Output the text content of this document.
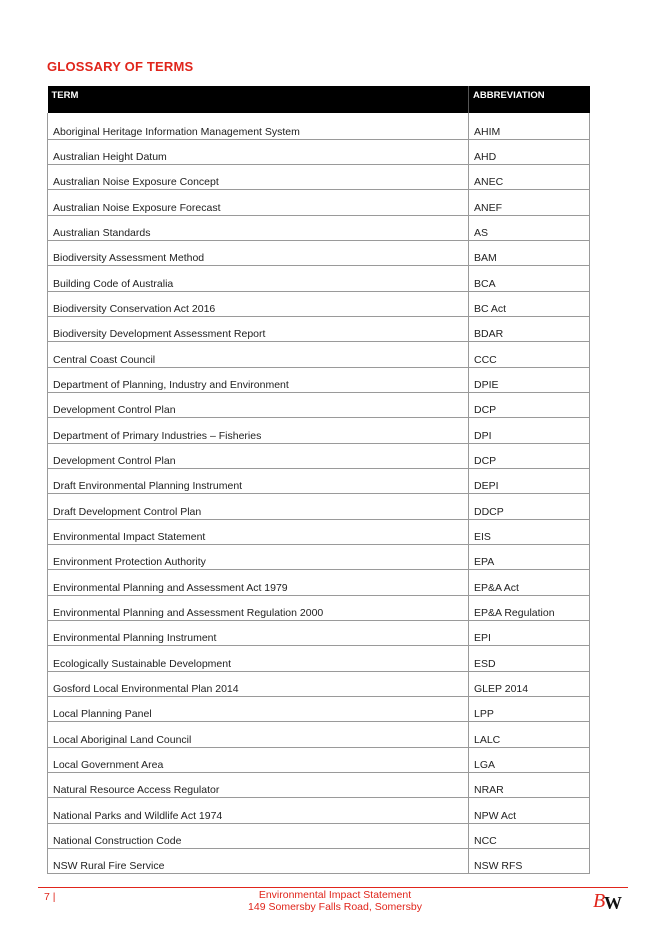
GLOSSARY OF TERMS
TERM	ABBREVIATION
Aboriginal Heritage Information Management System	AHIM
Australian Height Datum	AHD
Australian Noise Exposure Concept	ANEC
Australian Noise Exposure Forecast	ANEF
Australian Standards	AS
Biodiversity Assessment Method	BAM
Building Code of Australia	BCA
Biodiversity Conservation Act 2016	BC Act
Biodiversity Development Assessment Report	BDAR
Central Coast Council	CCC
Department of Planning, Industry and Environment	DPIE
Development Control Plan	DCP
Department of Primary Industries – Fisheries	DPI
Development Control Plan	DCP
Draft Environmental Planning Instrument	DEPI
Draft Development Control Plan	DDCP
Environmental Impact Statement	EIS
Environment Protection Authority	EPA
Environmental Planning and Assessment Act 1979	EP&A Act
Environmental Planning and Assessment Regulation 2000	EP&A Regulation
Environmental Planning Instrument	EPI
Ecologically Sustainable Development	ESD
Gosford Local Environmental Plan 2014	GLEP 2014
Local Planning Panel	LPP
Local Aboriginal Land Council	LALC
Local Government Area	LGA
Natural Resource Access Regulator	NRAR
National Parks and Wildlife Act 1974	NPW Act
National Construction Code	NCC
NSW Rural Fire Service	NSW RFS
7 |	Environmental Impact Statement
149 Somersby Falls Road, Somersby	B
W
